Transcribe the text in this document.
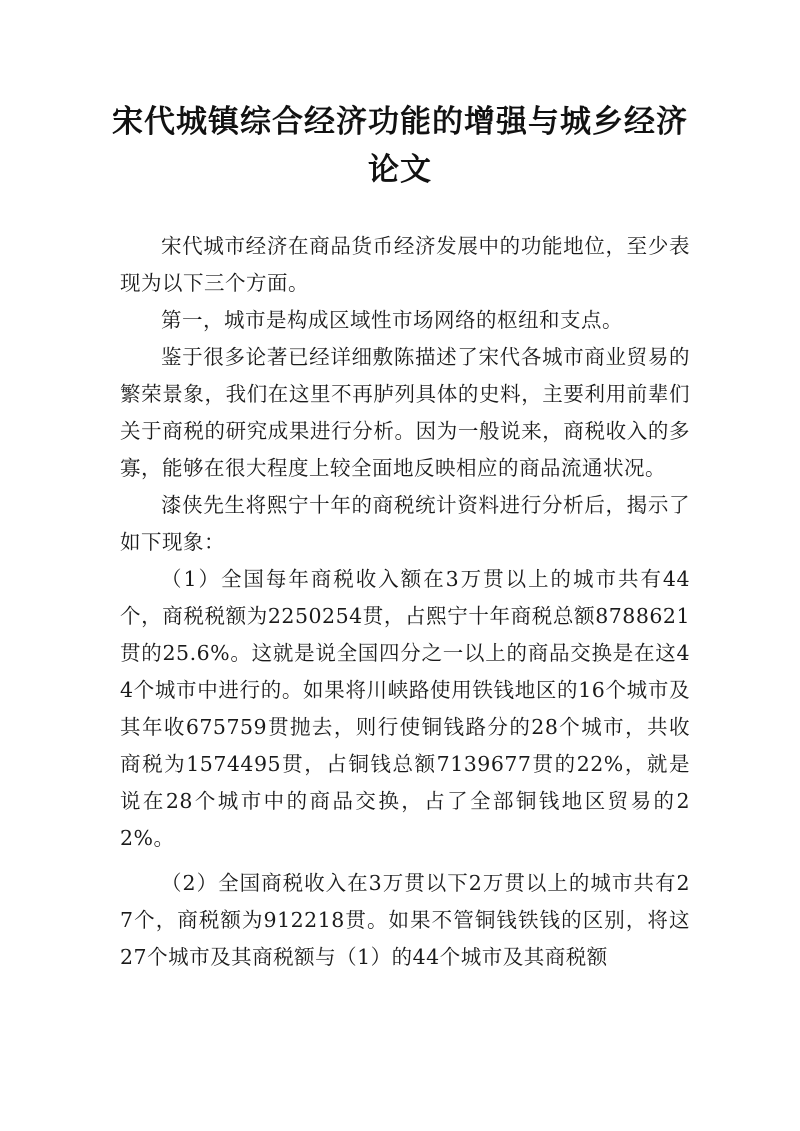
宋代城镇综合经济功能的增强与城乡经济
论文

宋代城市经济在商品货币经济发展中的功能地位，至少表现为以下三个方面。

第一，城市是构成区域性市场网络的枢纽和支点。

鉴于很多论著已经详细敷陈描述了宋代各城市商业贸易的繁荣景象，我们在这里不再胪列具体的史料，主要利用前辈们关于商税的研究成果进行分析。因为一般说来，商税收入的多寡，能够在很大程度上较全面地反映相应的商品流通状况。

漆侠先生将熙宁十年的商税统计资料进行分析后，揭示了如下现象：

（1）全国每年商税收入额在3万贯以上的城市共有44个，商税税额为2250254贯，占熙宁十年商税总额8788621贯的25.6%。这就是说全国四分之一以上的商品交换是在这44个城市中进行的。如果将川峡路使用铁钱地区的16个城市及其年收675759贯抛去，则行使铜钱路分的28个城市，共收商税为1574495贯，占铜钱总额7139677贯的22%，就是说在28个城市中的商品交换，占了全部铜钱地区贸易的22%。

（2）全国商税收入在3万贯以下2万贯以上的城市共有27个，商税额为912218贯。如果不管铜钱铁钱的区别，将这27个城市及其商税额与（1）的44个城市及其商税额
